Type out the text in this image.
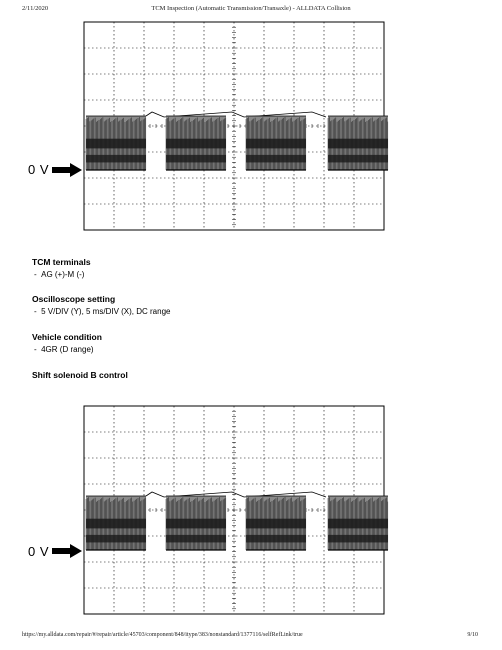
2/11/2020	TCM Inspection (Automatic Transmission/Transaxle) - ALLDATA Collision
0 V

TCM terminals

-  AG (+)-M (-)

Oscilloscope setting

-  5 V/DIV (Y), 5 ms/DIV (X), DC range

Vehicle condition

-  4GR (D range)

Shift solenoid B control

0 V
https://my.alldata.com/repair/#/repair/article/45703/component/848/itype/383/nonstandard/1377116/selfRefLink/true	9/10
